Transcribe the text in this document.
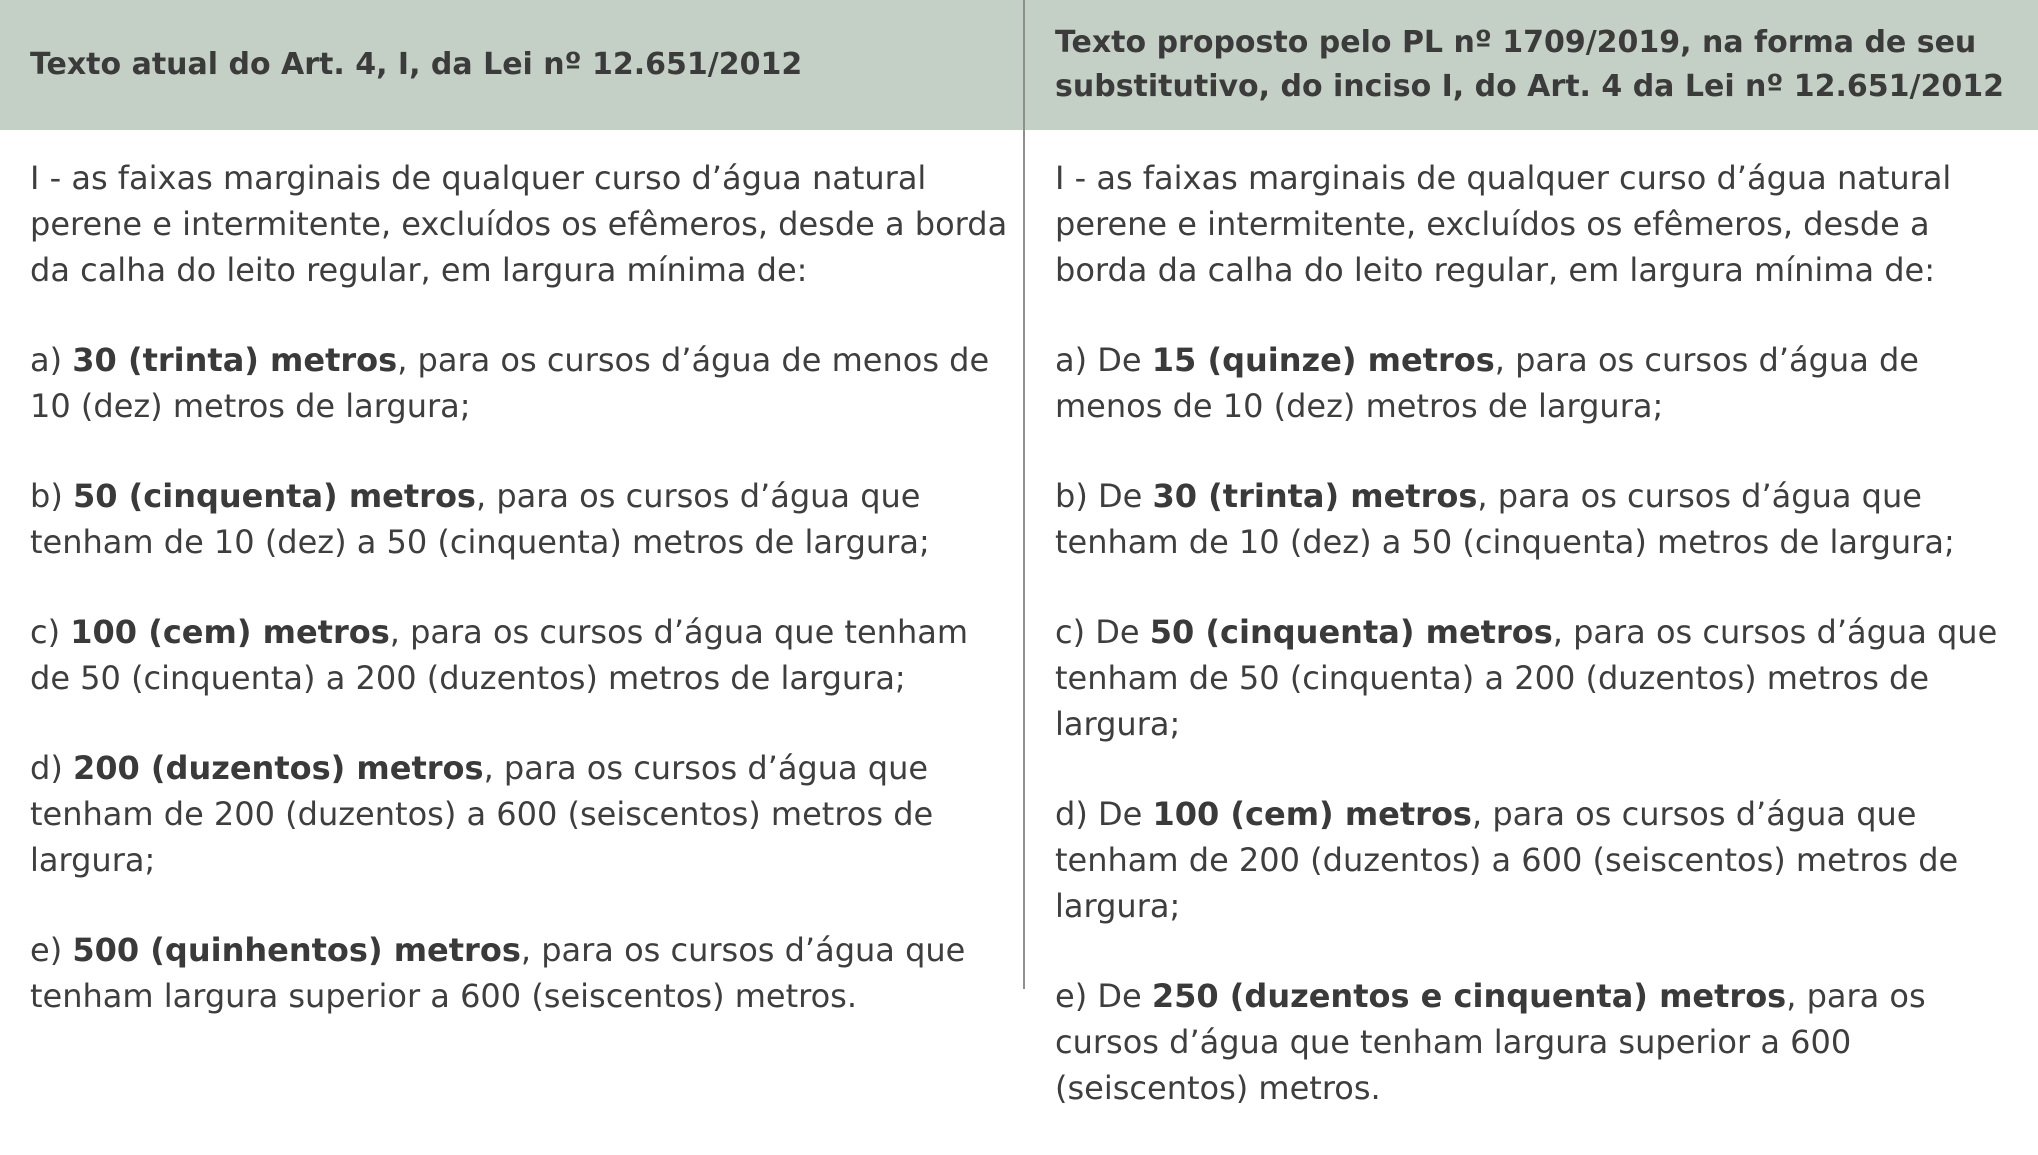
Texto atual do Art. 4, I, da Lei nº 12.651/2012

I - as faixas marginais de qualquer curso d’água natural perene e intermitente, excluídos os efêmeros, desde a borda da calha do leito regular, em largura mínima de:

a) 30 (trinta) metros, para os cursos d’água de menos de 10 (dez) metros de largura;

b) 50 (cinquenta) metros, para os cursos d’água que tenham de 10 (dez) a 50 (cinquenta) metros de largura;

c) 100 (cem) metros, para os cursos d’água que tenham de 50 (cinquenta) a 200 (duzentos) metros de largura;

d) 200 (duzentos) metros, para os cursos d’água que tenham de 200 (duzentos) a 600 (seiscentos) metros de largura;

e) 500 (quinhentos) metros, para os cursos d’água que tenham largura superior a 600 (seiscentos) metros.

Texto proposto pelo PL nº 1709/2019, na forma de seu substitutivo, do inciso I, do Art. 4 da Lei nº 12.651/2012

I - as faixas marginais de qualquer curso d’água natural perene e intermitente, excluídos os efêmeros, desde a borda da calha do leito regular, em largura mínima de:

a) De 15 (quinze) metros, para os cursos d’água de menos de 10 (dez) metros de largura;

b) De 30 (trinta) metros, para os cursos d’água que tenham de 10 (dez) a 50 (cinquenta) metros de largura;

c) De 50 (cinquenta) metros, para os cursos d’água que tenham de 50 (cinquenta) a 200 (duzentos) metros de largura;

d) De 100 (cem) metros, para os cursos d’água que tenham de 200 (duzentos) a 600 (seiscentos) metros de largura;

e) De 250 (duzentos e cinquenta) metros, para os cursos d’água que tenham largura superior a 600 (seiscentos) metros.
